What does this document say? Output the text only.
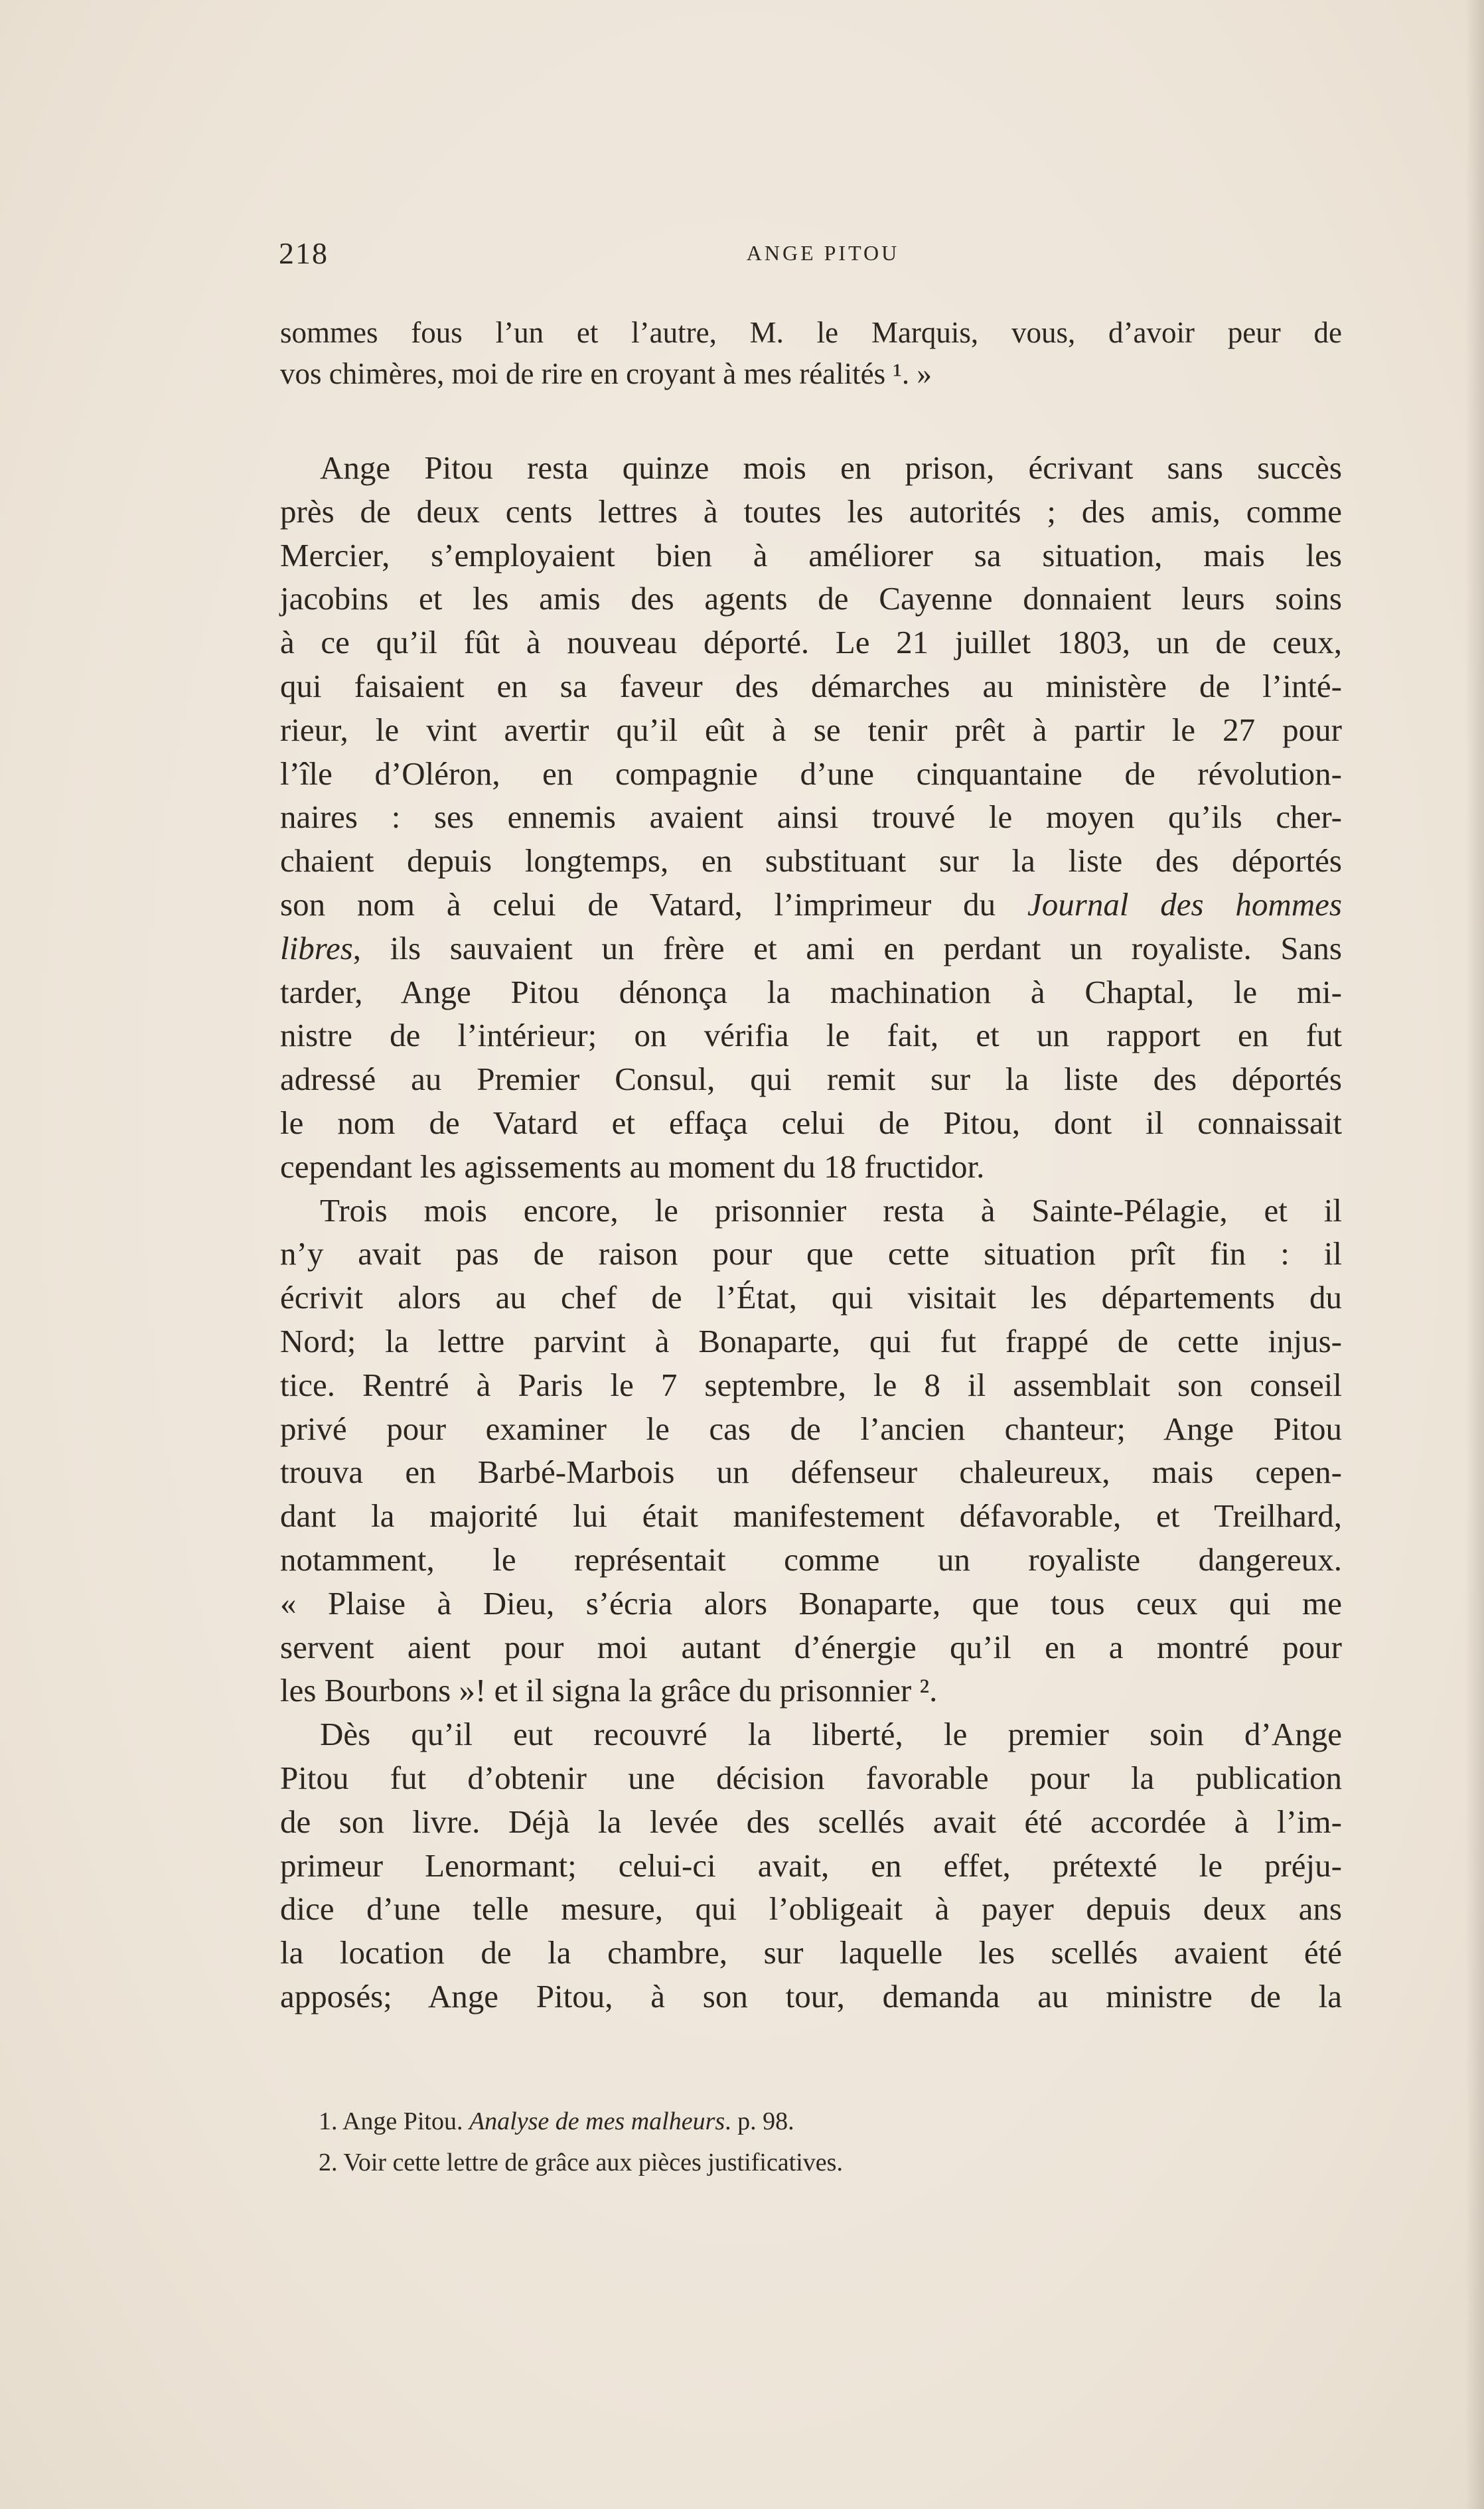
218	ANGE PITOU
sommes fous l’un et l’autre, M. le Marquis, vous, d’avoir peur de
vos chimères, moi de rire en croyant à mes réalités ¹. »
Ange Pitou resta quinze mois en prison, écrivant sans succès
près de deux cents lettres à toutes les autorités ; des amis, comme
Mercier, s’employaient bien à améliorer sa situation, mais les
jacobins et les amis des agents de Cayenne donnaient leurs soins
à ce qu’il fût à nouveau déporté. Le 21 juillet 1803, un de ceux,
qui faisaient en sa faveur des démarches au ministère de l’inté-
rieur, le vint avertir qu’il eût à se tenir prêt à partir le 27 pour
l’île d’Oléron, en compagnie d’une cinquantaine de révolution-
naires : ses ennemis avaient ainsi trouvé le moyen qu’ils cher-
chaient depuis longtemps, en substituant sur la liste des déportés
son nom à celui de Vatard, l’imprimeur du Journal des hommes
libres, ils sauvaient un frère et ami en perdant un royaliste. Sans
tarder, Ange Pitou dénonça la machination à Chaptal, le mi-
nistre de l’intérieur; on vérifia le fait, et un rapport en fut
adressé au Premier Consul, qui remit sur la liste des déportés
le nom de Vatard et effaça celui de Pitou, dont il connaissait
cependant les agissements au moment du 18 fructidor.
Trois mois encore, le prisonnier resta à Sainte-Pélagie, et il
n’y avait pas de raison pour que cette situation prît fin : il
écrivit alors au chef de l’État, qui visitait les départements du
Nord; la lettre parvint à Bonaparte, qui fut frappé de cette injus-
tice. Rentré à Paris le 7 septembre, le 8 il assemblait son conseil
privé pour examiner le cas de l’ancien chanteur; Ange Pitou
trouva en Barbé-Marbois un défenseur chaleureux, mais cepen-
dant la majorité lui était manifestement défavorable, et Treilhard,
notamment, le représentait comme un royaliste dangereux.
« Plaise à Dieu, s’écria alors Bonaparte, que tous ceux qui me
servent aient pour moi autant d’énergie qu’il en a montré pour
les Bourbons »! et il signa la grâce du prisonnier ².
Dès qu’il eut recouvré la liberté, le premier soin d’Ange
Pitou fut d’obtenir une décision favorable pour la publication
de son livre. Déjà la levée des scellés avait été accordée à l’im-
primeur Lenormant; celui-ci avait, en effet, prétexté le préju-
dice d’une telle mesure, qui l’obligeait à payer depuis deux ans
la location de la chambre, sur laquelle les scellés avaient été
apposés; Ange Pitou, à son tour, demanda au ministre de la
1. Ange Pitou. Analyse de mes malheurs. p. 98.
2. Voir cette lettre de grâce aux pièces justificatives.
